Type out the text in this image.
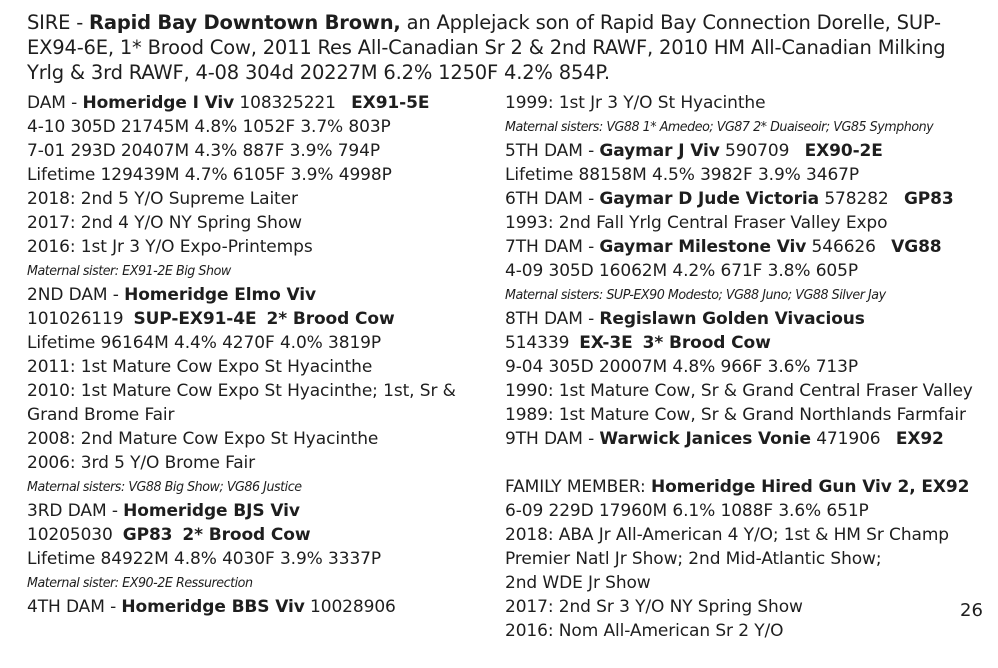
SIRE - Rapid Bay Downtown Brown, an Applejack son of Rapid Bay Connection Dorelle, SUP-EX94-6E, 1* Brood Cow, 2011 Res All-Canadian Sr 2 & 2nd RAWF, 2010 HM All-Canadian Milking Yrlg & 3rd RAWF, 4-08 304d 20227M 6.2% 1250F 4.2% 854P.
DAM - Homeridge I Viv 108325221 EX91-5E
4-10 305D 21745M 4.8% 1052F 3.7% 803P
7-01 293D 20407M 4.3% 887F 3.9% 794P
Lifetime 129439M 4.7% 6105F 3.9% 4998P
2018: 2nd 5 Y/O Supreme Laiter
2017: 2nd 4 Y/O NY Spring Show
2016: 1st Jr 3 Y/O Expo-Printemps
Maternal sister: EX91-2E Big Show
2ND DAM - Homeridge Elmo Viv
101026119 SUP-EX91-4E 2* Brood Cow
Lifetime 96164M 4.4% 4270F 4.0% 3819P
2011: 1st Mature Cow Expo St Hyacinthe
2010: 1st Mature Cow Expo St Hyacinthe; 1st, Sr &
Grand Brome Fair
2008: 2nd Mature Cow Expo St Hyacinthe
2006: 3rd 5 Y/O Brome Fair
Maternal sisters: VG88 Big Show; VG86 Justice
3RD DAM - Homeridge BJS Viv
10205030 GP83 2* Brood Cow
Lifetime 84922M 4.8% 4030F 3.9% 3337P
Maternal sister: EX90-2E Ressurection
4TH DAM - Homeridge BBS Viv 10028906
1999: 1st Jr 3 Y/O St Hyacinthe
Maternal sisters: VG88 1* Amedeo; VG87 2* Duaiseoir; VG85 Symphony
5TH DAM - Gaymar J Viv 590709 EX90-2E
Lifetime 88158M 4.5% 3982F 3.9% 3467P
6TH DAM - Gaymar D Jude Victoria 578282 GP83
1993: 2nd Fall Yrlg Central Fraser Valley Expo
7TH DAM - Gaymar Milestone Viv 546626 VG88
4-09 305D 16062M 4.2% 671F 3.8% 605P
Maternal sisters: SUP-EX90 Modesto; VG88 Juno; VG88 Silver Jay
8TH DAM - Regislawn Golden Vivacious
514339 EX-3E 3* Brood Cow
9-04 305D 20007M 4.8% 966F 3.6% 713P
1990: 1st Mature Cow, Sr & Grand Central Fraser Valley
1989: 1st Mature Cow, Sr & Grand Northlands Farmfair
9TH DAM - Warwick Janices Vonie 471906 EX92
FAMILY MEMBER: Homeridge Hired Gun Viv 2, EX92
6-09 229D 17960M 6.1% 1088F 3.6% 651P
2018: ABA Jr All-American 4 Y/O; 1st & HM Sr Champ
Premier Natl Jr Show; 2nd Mid-Atlantic Show;
2nd WDE Jr Show
2017: 2nd Sr 3 Y/O NY Spring Show
2016: Nom All-American Sr 2 Y/O
26
